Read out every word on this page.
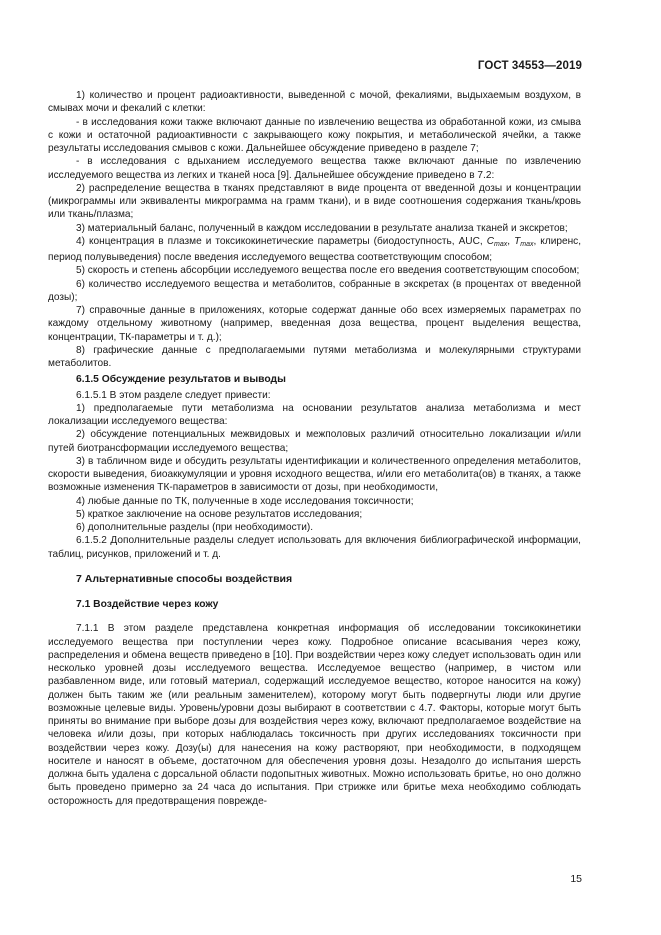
ГОСТ 34553—2019

1) количество и процент радиоактивности, выведенной с мочой, фекалиями, выдыхаемым воздухом, в смывах мочи и фекалий с клетки:

- в исследования кожи также включают данные по извлечению вещества из обработанной кожи, из смыва с кожи и остаточной радиоактивности с закрывающего кожу покрытия, и метаболической ячейки, а также результаты исследования смывов с кожи. Дальнейшее обсуждение приведено в разделе 7;

- в исследования с вдыханием исследуемого вещества также включают данные по извлечению исследуемого вещества из легких и тканей носа [9]. Дальнейшее обсуждение приведено в 7.2:

2) распределение вещества в тканях представляют в виде процента от введенной дозы и концентрации (микрограммы или эквиваленты микрограмма на грамм ткани), и в виде соотношения содержания ткань/кровь или ткань/плазма;

3) материальный баланс, полученный в каждом исследовании в результате анализа тканей и экскретов;

4) концентрация в плазме и токсикокинетические параметры (биодоступность, AUC, $C_{max}$, $T_{max}$, клиренс, период полувыведения) после введения исследуемого вещества соответствующим способом;

5) скорость и степень абсорбции исследуемого вещества после его введения соответствующим способом;

6) количество исследуемого вещества и метаболитов, собранные в экскретах (в процентах от введенной дозы);

7) справочные данные в приложениях, которые содержат данные обо всех измеряемых параметрах по каждому отдельному животному (например, введенная доза вещества, процент выделения вещества, концентрации, ТК-параметры и т. д.);

8) графические данные с предполагаемыми путями метаболизма и молекулярными структурами метаболитов.

6.1.5 Обсуждение результатов и выводы

6.1.5.1 В этом разделе следует привести:

1) предполагаемые пути метаболизма на основании результатов анализа метаболизма и мест локализации исследуемого вещества:

2) обсуждение потенциальных межвидовых и межполовых различий относительно локализации и/или путей биотрансформации исследуемого вещества;

3) в табличном виде и обсудить результаты идентификации и количественного определения метаболитов, скорости выведения, биоаккумуляции и уровня исходного вещества, и/или его метаболита(ов) в тканях, а также возможные изменения ТК-параметров в зависимости от дозы, при необходимости,

4) любые данные по ТК, полученные в ходе исследования токсичности;

5) краткое заключение на основе результатов исследования;

6) дополнительные разделы (при необходимости).

6.1.5.2 Дополнительные разделы следует использовать для включения библиографической информации, таблиц, рисунков, приложений и т. д.

7 Альтернативные способы воздействия
7.1 Воздействие через кожу

7.1.1 В этом разделе представлена конкретная информация об исследовании токсикокинетики исследуемого вещества при поступлении через кожу. Подробное описание всасывания через кожу, распределения и обмена веществ приведено в [10]. При воздействии через кожу следует использовать один или несколько уровней дозы исследуемого вещества. Исследуемое вещество (например, в чистом или разбавленном виде, или готовый материал, содержащий исследуемое вещество, которое наносится на кожу) должен быть таким же (или реальным заменителем), которому могут быть подвергнуты люди или другие возможные целевые виды. Уровень/уровни дозы выбирают в соответствии с 4.7. Факторы, которые могут быть приняты во внимание при выборе дозы для воздействия через кожу, включают предполагаемое воздействие на человека и/или дозы, при которых наблюдалась токсичность при других исследованиях токсичности при воздействии через кожу. Дозу(ы) для нанесения на кожу растворяют, при необходимости, в подходящем носителе и наносят в объеме, достаточном для обеспечения уровня дозы. Незадолго до испытания шерсть должна быть удалена с дорсальной области подопытных животных. Можно использовать бритье, но оно должно быть проведено примерно за 24 часа до испытания. При стрижке или бритье меха необходимо соблюдать осторожность для предотвращения поврежде-

15
